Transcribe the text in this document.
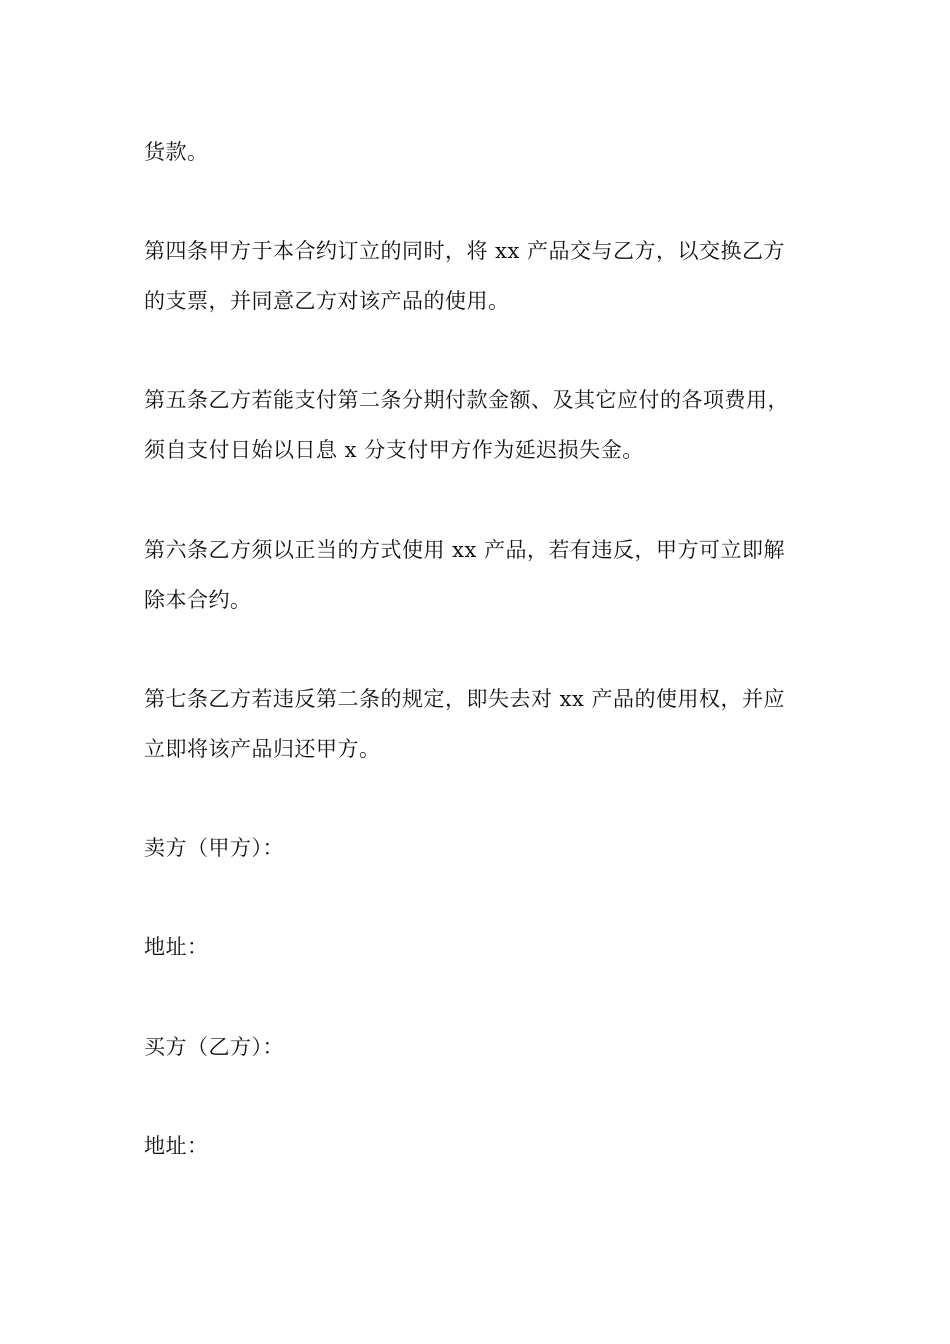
货款。
第四条甲方于本合约订立的同时，将 xx 产品交与乙方，以交换乙方
的支票，并同意乙方对该产品的使用。
第五条乙方若能支付第二条分期付款金额、及其它应付的各项费用，
须自支付日始以日息 x 分支付甲方作为延迟损失金。
第六条乙方须以正当的方式使用 xx 产品，若有违反，甲方可立即解
除本合约。
第七条乙方若违反第二条的规定，即失去对 xx 产品的使用权，并应
立即将该产品归还甲方。
卖方（甲方）：
地址：
买方（乙方）：
地址：
